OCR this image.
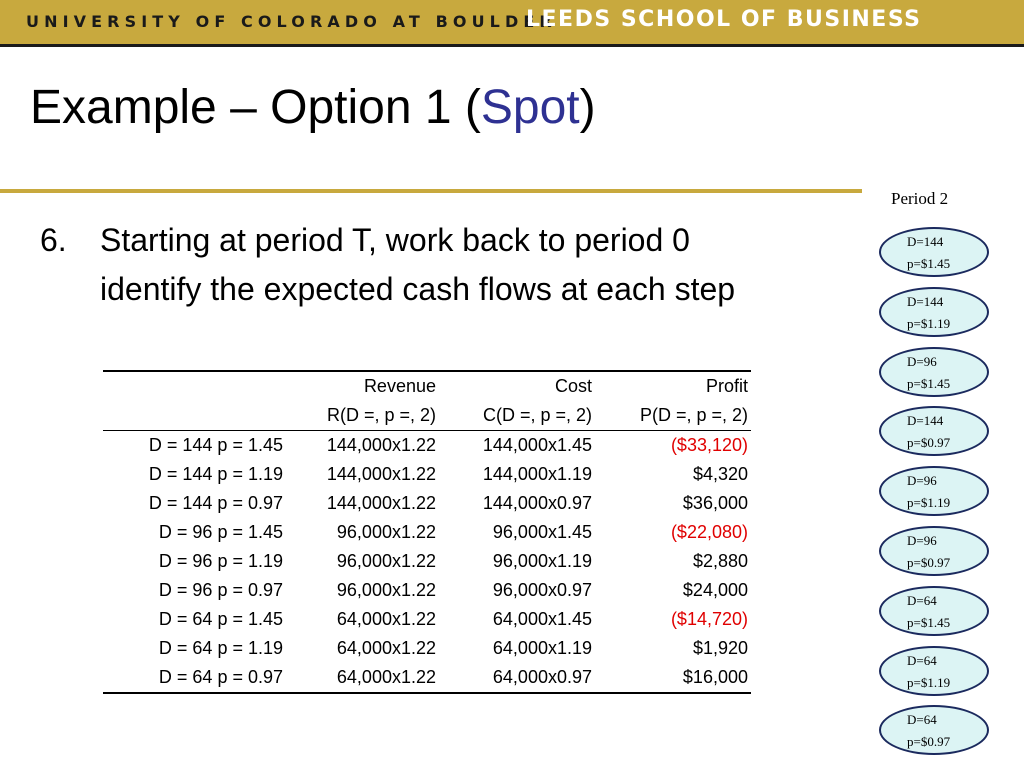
UNIVERSITY OF COLORADO AT BOULDER
LEEDS SCHOOL OF BUSINESS
Example – Option 1 (Spot)
6. Starting at period T, work back to period 0
identify the expected cash flows at each step
	Revenue	Cost	Profit
	R(D =, p =, 2)	C(D =, p =, 2)	P(D =, p =, 2)
D = 144 p = 1.45	144,000x1.22	144,000x1.45	($33,120)
D = 144 p = 1.19	144,000x1.22	144,000x1.19	$4,320
D = 144 p = 0.97	144,000x1.22	144,000x0.97	$36,000
D = 96 p = 1.45	96,000x1.22	96,000x1.45	($22,080)
D = 96 p = 1.19	96,000x1.22	96,000x1.19	$2,880
D = 96 p = 0.97	96,000x1.22	96,000x0.97	$24,000
D = 64 p = 1.45	64,000x1.22	64,000x1.45	($14,720)
D = 64 p = 1.19	64,000x1.22	64,000x1.19	$1,920
D = 64 p = 0.97	64,000x1.22	64,000x0.97	$16,000
Period 2
D=144
p=$1.45
D=144
p=$1.19
D=96
p=$1.45
D=144
p=$0.97
D=96
p=$1.19
D=96
p=$0.97
D=64
p=$1.45
D=64
p=$1.19
D=64
p=$0.97
